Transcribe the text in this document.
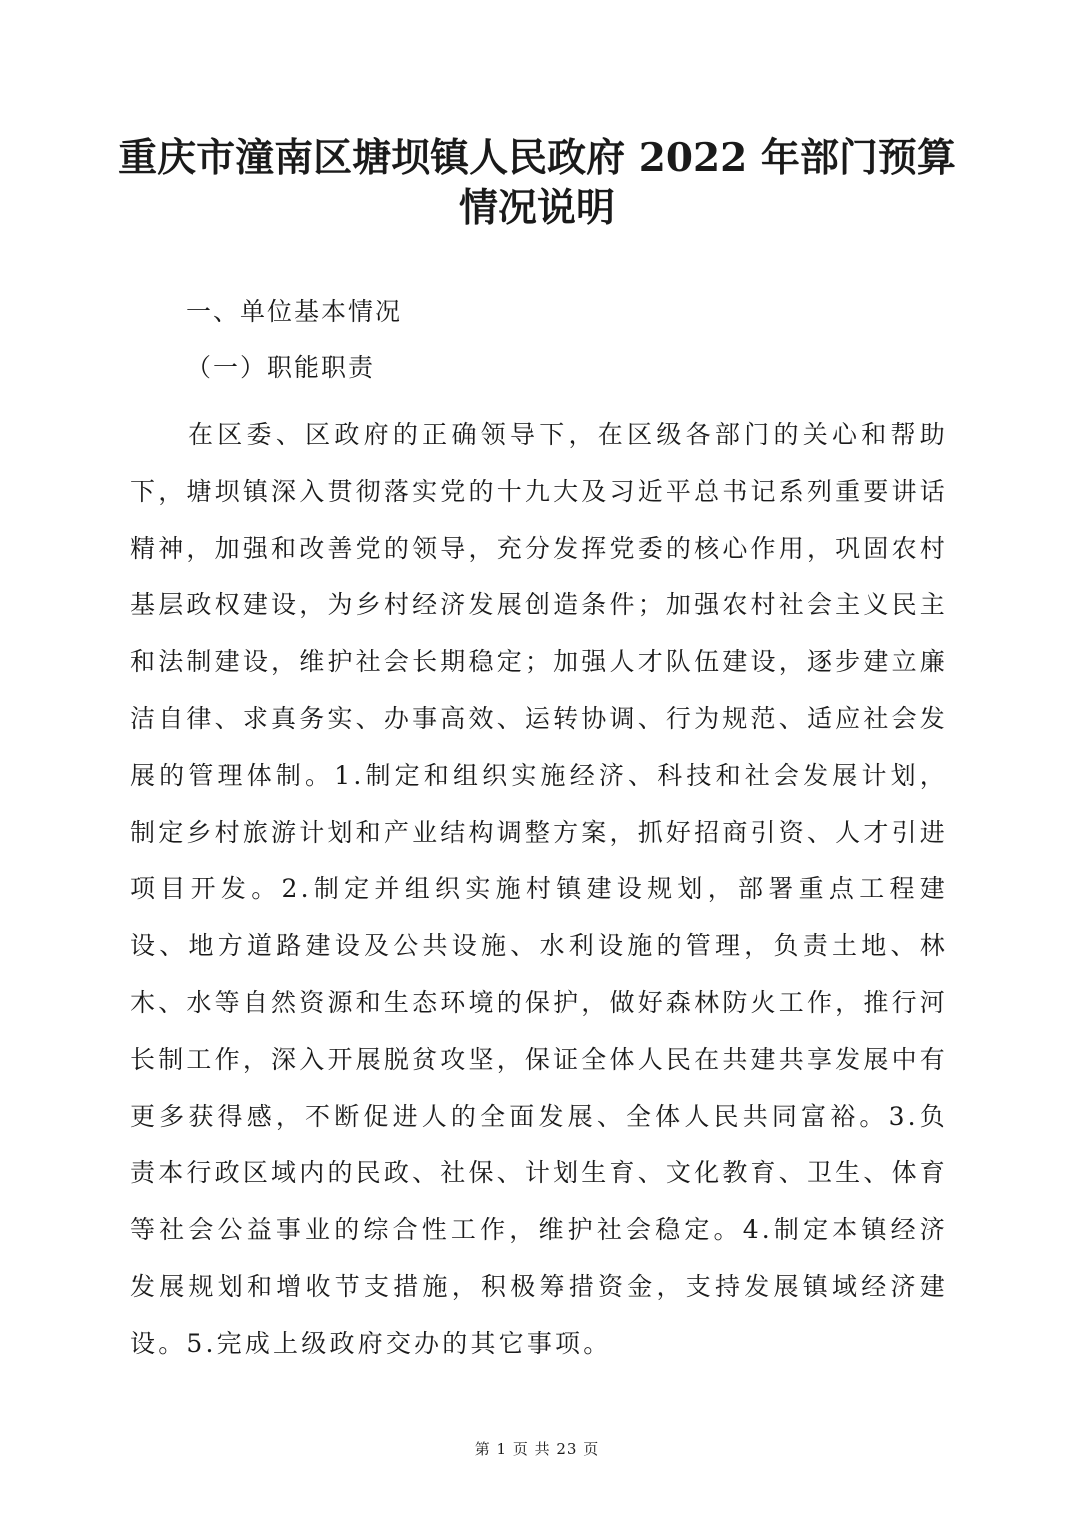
重庆市潼南区塘坝镇人民政府 2022 年部门预算
情况说明
一、单位基本情况
（一）职能职责

在区委、区政府的正确领导下，在区级各部门的关心和帮助下，塘坝镇深入贯彻落实党的十九大及习近平总书记系列重要讲话精神，加强和改善党的领导，充分发挥党委的核心作用，巩固农村基层政权建设，为乡村经济发展创造条件；加强农村社会主义民主和法制建设，维护社会长期稳定；加强人才队伍建设，逐步建立廉洁自律、求真务实、办事高效、运转协调、行为规范、适应社会发展的管理体制。1.制定和组织实施经济、科技和社会发展计划，制定乡村旅游计划和产业结构调整方案，抓好招商引资、人才引进项目开发。2.制定并组织实施村镇建设规划，部署重点工程建设、地方道路建设及公共设施、水利设施的管理，负责土地、林木、水等自然资源和生态环境的保护，做好森林防火工作，推行河长制工作，深入开展脱贫攻坚，保证全体人民在共建共享发展中有更多获得感，不断促进人的全面发展、全体人民共同富裕。3.负责本行政区域内的民政、社保、计划生育、文化教育、卫生、体育等社会公益事业的综合性工作，维护社会稳定。4.制定本镇经济发展规划和增收节支措施，积极筹措资金，支持发展镇域经济建设。5.完成上级政府交办的其它事项。

第 1 页 共 23 页
